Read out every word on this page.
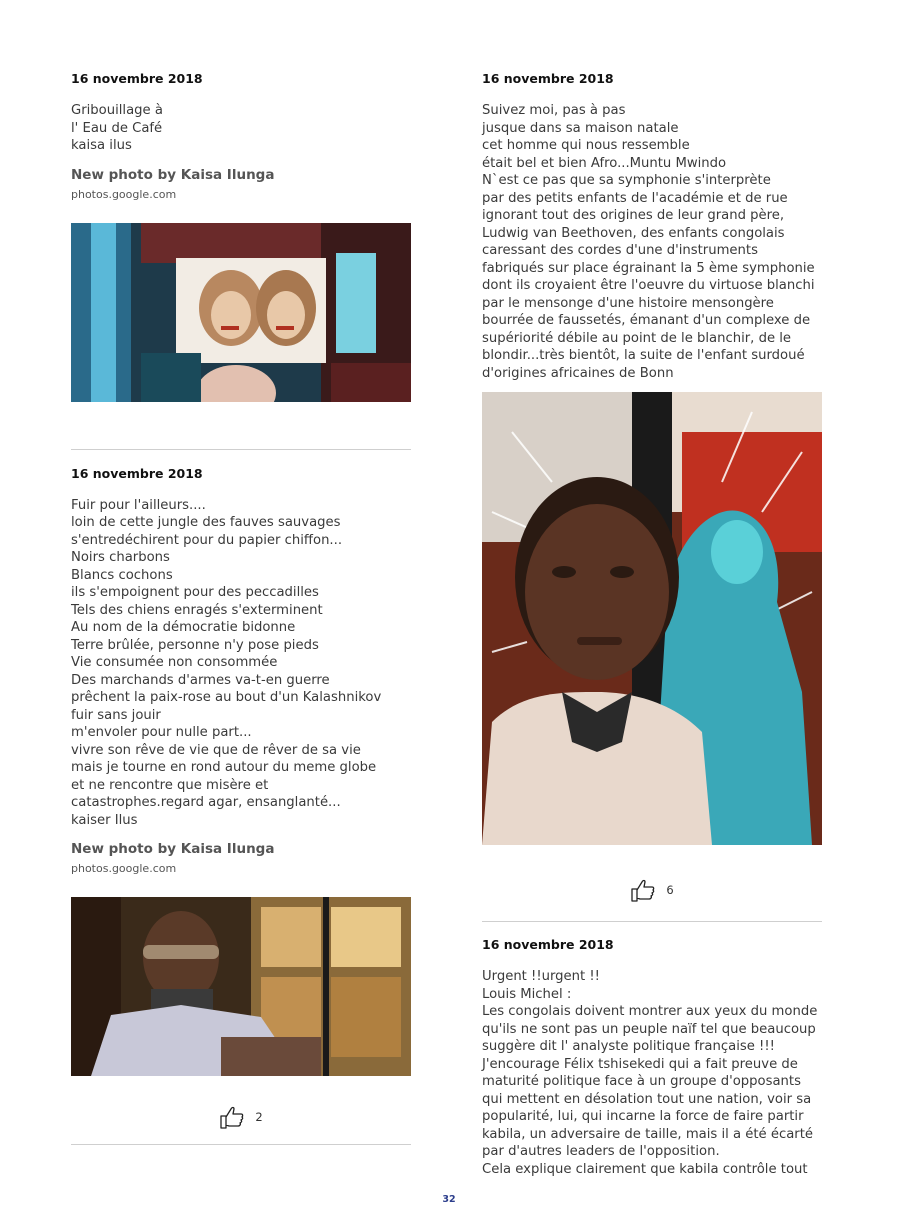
16 novembre 2018
Gribouillage à
l' Eau de Café
kaisa ilus
New photo by Kaisa Ilunga
photos.google.com
16 novembre 2018
Fuir pour l'ailleurs....
loin de cette jungle des fauves sauvages
s'entredéchirent pour du papier chiffon...
Noirs charbons
Blancs cochons
ils s'empoignent pour des peccadilles
Tels des chiens enragés s'exterminent
Au nom de la démocratie bidonne
Terre brûlée, personne n'y pose pieds
Vie consumée non consommée
Des marchands d'armes va-t-en guerre
prêchent la paix-rose au bout d'un Kalashnikov
fuir sans jouir
m'envoler pour nulle part...
vivre son rêve de vie que de rêver de sa vie
mais je tourne en rond autour du meme globe
et ne rencontre que misère et
catastrophes.regard agar, ensanglanté...
kaiser Ilus
New photo by Kaisa Ilunga
photos.google.com
2
16 novembre 2018
Suivez moi, pas à pas
jusque dans sa maison natale
cet homme qui nous ressemble
était bel et bien Afro...Muntu Mwindo
N`est ce pas que sa symphonie s'interprète
par des petits enfants de l'académie et de rue
ignorant tout des origines de leur grand père,
Ludwig van Beethoven, des enfants congolais
caressant des cordes d'une d'instruments
fabriqués sur place égrainant la 5 ème symphonie
dont ils croyaient être l'oeuvre du virtuose blanchi
par le mensonge d'une histoire mensongère
bourrée de faussetés, émanant d'un complexe de
supériorité débile au point de le blanchir, de le
blondir...très bientôt, la suite de l'enfant surdoué
d'origines africaines de Bonn
6
16 novembre 2018
Urgent !!urgent !!
Louis Michel :
Les congolais doivent montrer aux yeux du monde
qu'ils ne sont pas un peuple naïf tel que beaucoup
suggère dit l' analyste politique française !!!
J'encourage Félix tshisekedi qui a fait preuve de
maturité politique face à un groupe d'opposants
qui mettent en désolation tout une nation, voir sa
popularité, lui, qui incarne la force de faire partir
kabila, un adversaire de taille, mais il a été écarté
par d'autres leaders de l'opposition.
Cela explique clairement que kabila contrôle tout
32
